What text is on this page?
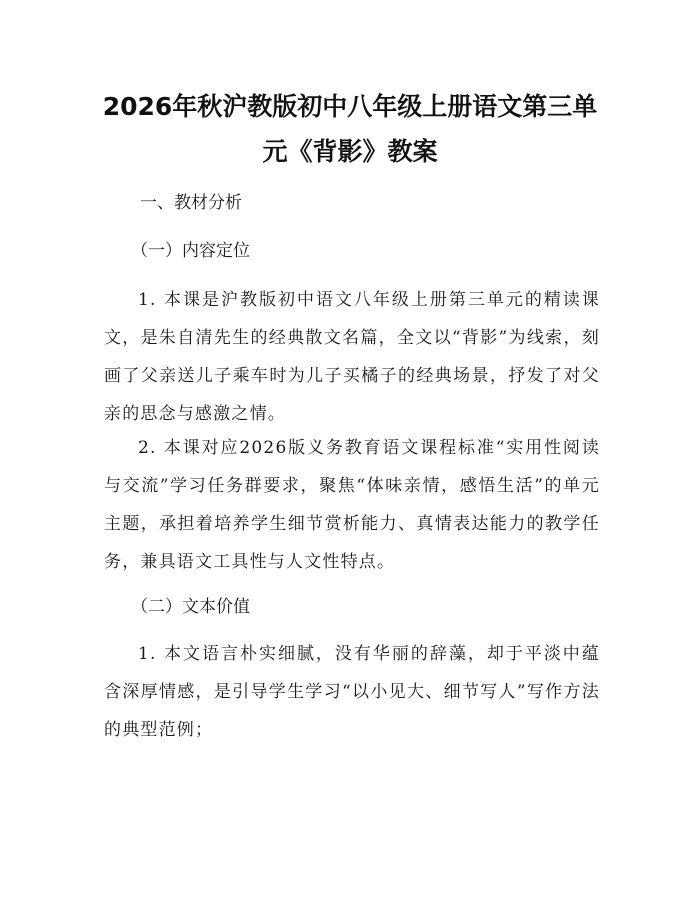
2026年秋沪教版初中八年级上册语文第三单
元《背影》教案
一、教材分析
（一）内容定位

1. 本课是沪教版初中语文八年级上册第三单元的精读课文，是朱自清先生的经典散文名篇，全文以“背影”为线索，刻画了父亲送儿子乘车时为儿子买橘子的经典场景，抒发了对父亲的思念与感激之情。

2. 本课对应2026版义务教育语文课程标准“实用性阅读与交流”学习任务群要求，聚焦“体味亲情，感悟生活”的单元主题，承担着培养学生细节赏析能力、真情表达能力的教学任务，兼具语文工具性与人文性特点。

（二）文本价值

1. 本文语言朴实细腻，没有华丽的辞藻，却于平淡中蕴含深厚情感，是引导学生学习“以小见大、细节写人”写作方法的典型范例；
